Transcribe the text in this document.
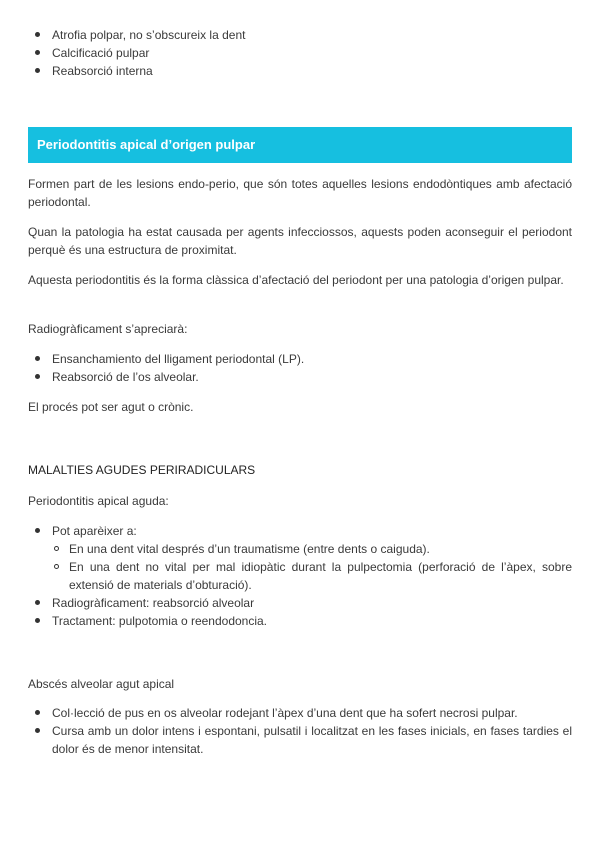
Atrofia polpar, no s’obscureix la dent
Calcificació pulpar
Reabsorció interna
Periodontitis apical d’origen pulpar

Formen part de les lesions endo-perio, que són totes aquelles lesions endodòntiques amb afectació periodontal.

Quan la patologia ha estat causada per agents infecciossos, aquests poden aconseguir el periodont perquè és una estructura de proximitat.

Aquesta periodontitis és la forma clàssica d’afectació del periodont per una patologia d’origen pulpar.

Radiogràficament s’apreciarà:

Ensanchamiento del lligament periodontal (LP).
Reabsorció de l’os alveolar.

El procés pot ser agut o crònic.

MALALTIES AGUDES PERIRADICULARS
Periodontitis apical aguda:
Pot aparèixer a:
En una dent vital després d’un traumatisme (entre dents o caiguda).
En una dent no vital per mal idiopàtic durant la pulpectomia (perforació de l’àpex, sobre extensió de materials d’obturació).
Radiogràficament: reabsorció alveolar
Tractament: pulpotomia o reendodoncia.
Abscés alveolar agut apical
Col·lecció de pus en os alveolar rodejant l’àpex d’una dent que ha sofert necrosi pulpar.
Cursa amb un dolor intens i espontani, pulsatil i localitzat en les fases inicials, en fases tardies el dolor és de menor intensitat.
